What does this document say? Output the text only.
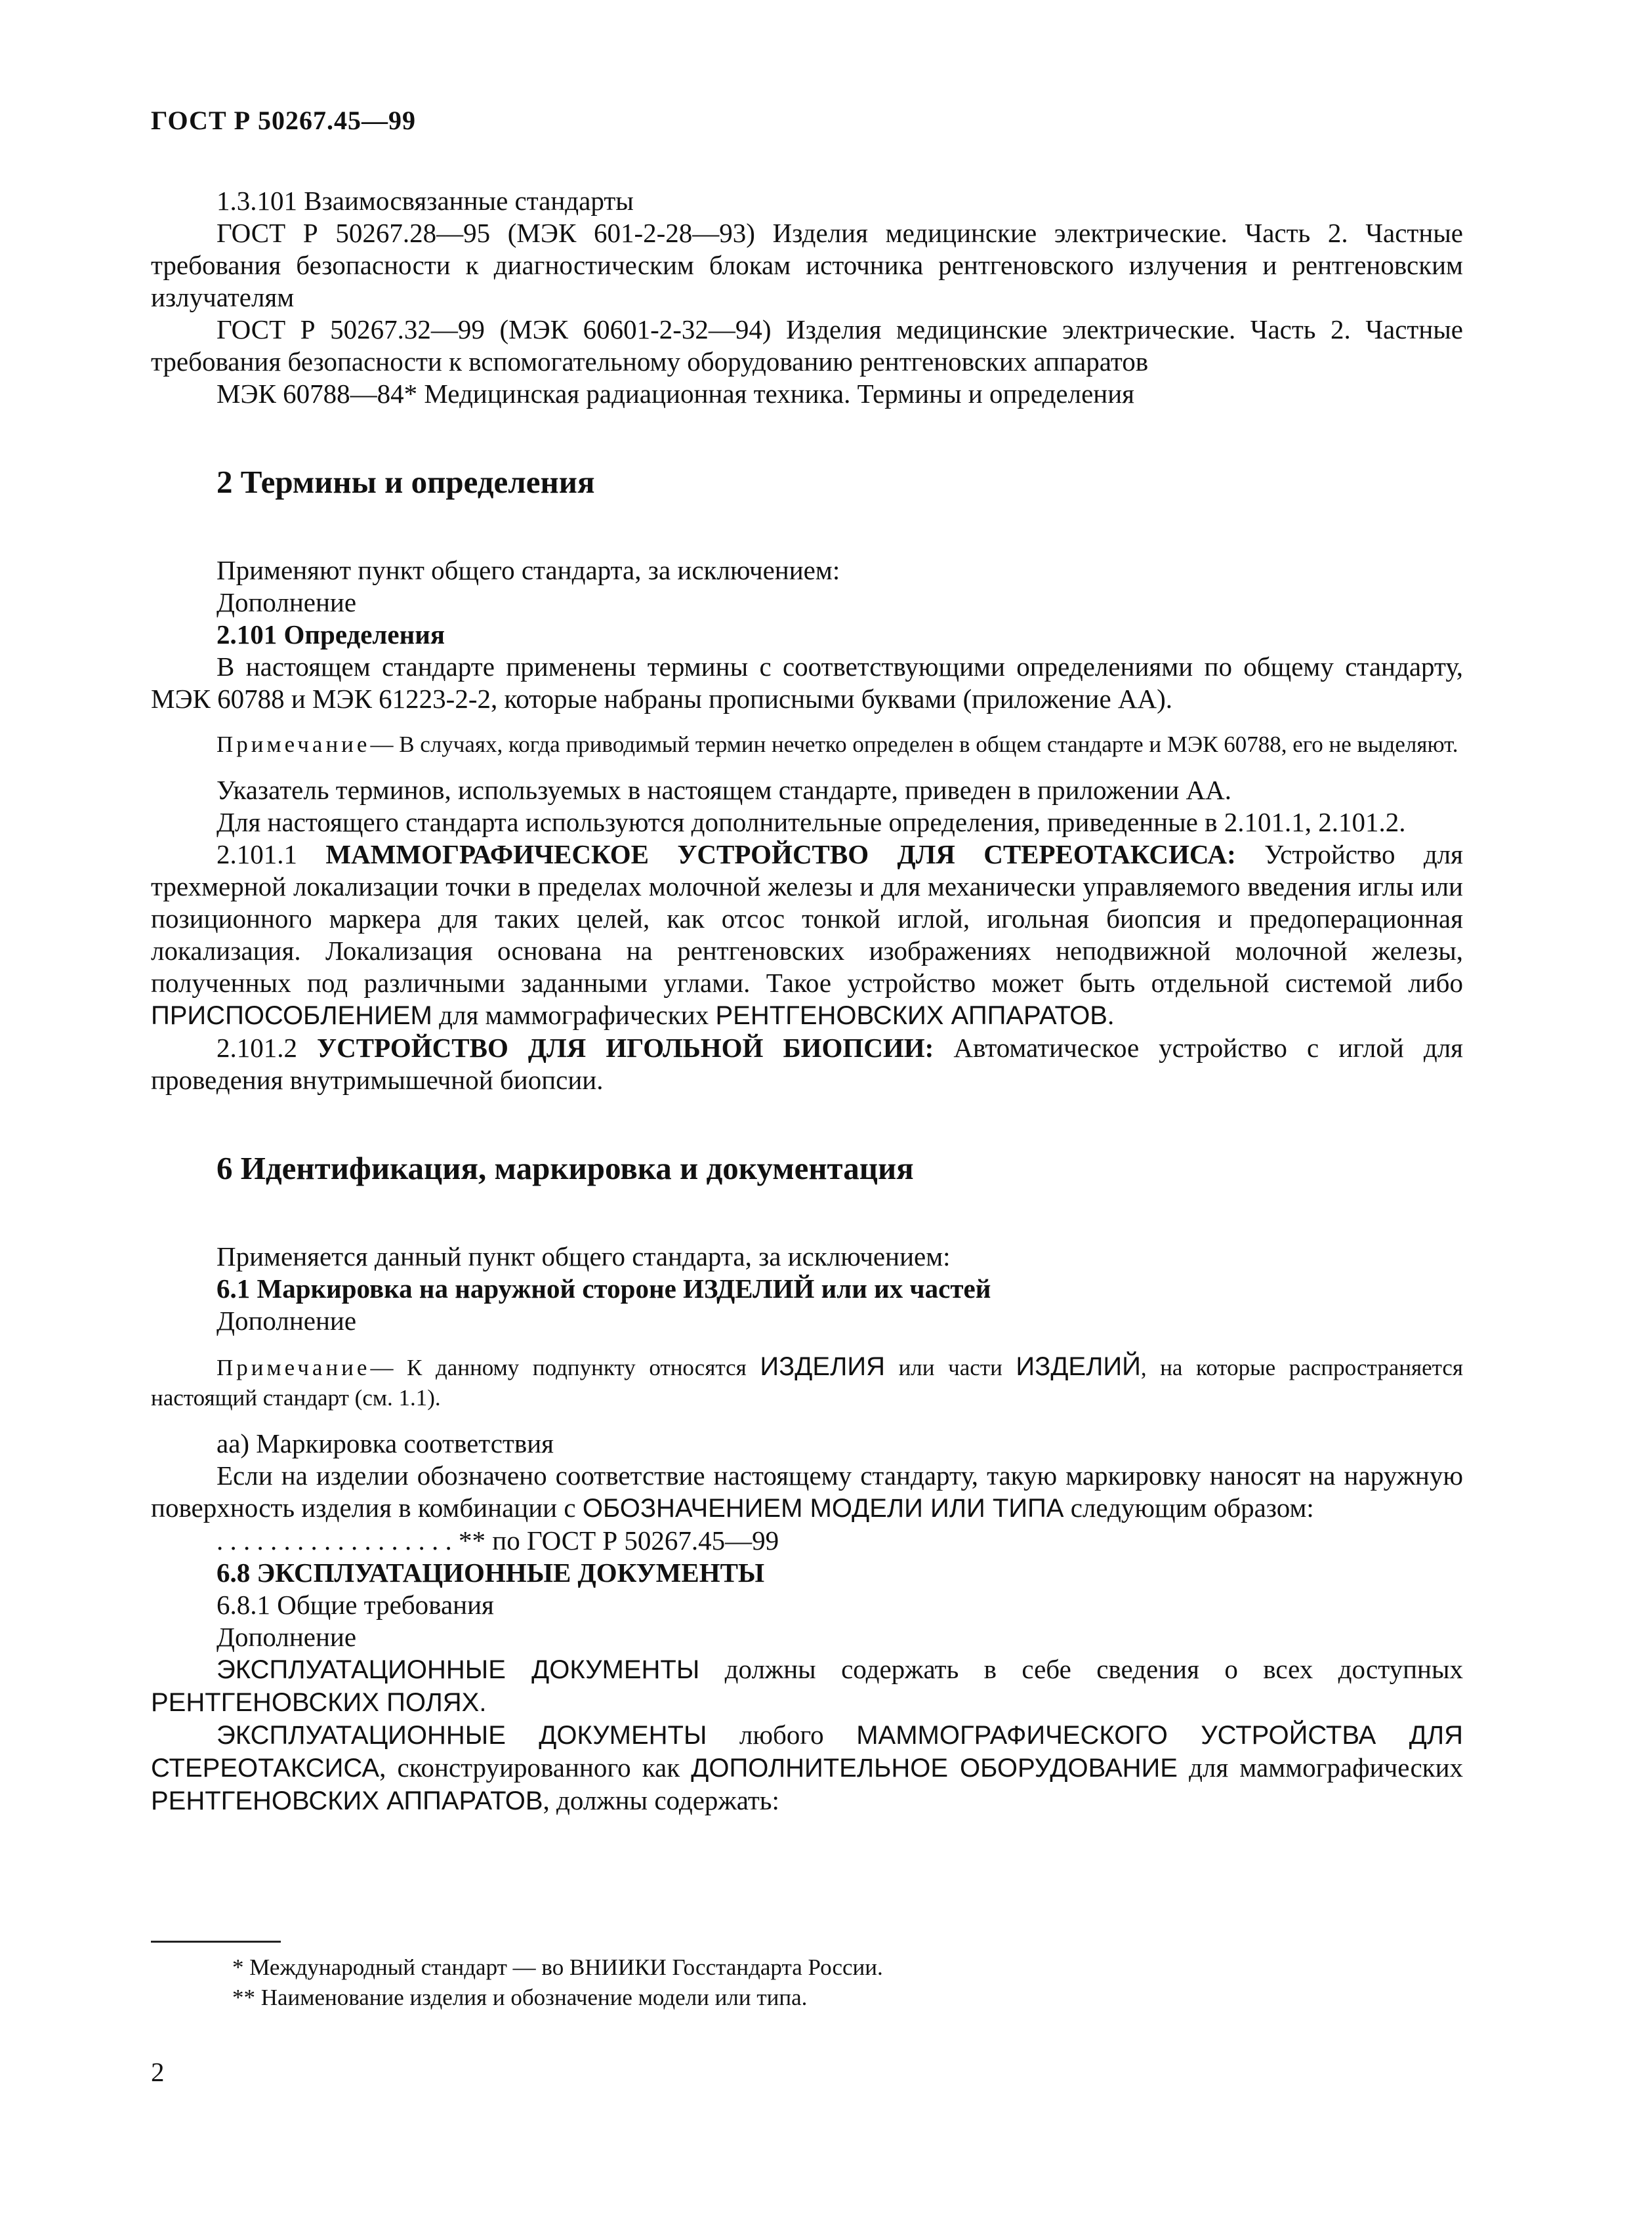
ГОСТ Р 50267.45—99

1.3.101 Взаимосвязанные стандарты

ГОСТ Р 50267.28—95 (МЭК 601-2-28—93) Изделия медицинские электрические. Часть 2. Частные требования безопасности к диагностическим блокам источника рентгеновского излучения и рентгеновским излучателям

ГОСТ Р 50267.32—99 (МЭК 60601-2-32—94) Изделия медицинские электрические. Часть 2. Частные требования безопасности к вспомогательному оборудованию рентгеновских аппаратов

МЭК 60788—84* Медицинская радиационная техника. Термины и определения

2 Термины и определения

Применяют пункт общего стандарта, за исключением:

Дополнение

2.101 Определения

В настоящем стандарте применены термины с соответствующими определениями по общему стандарту, МЭК 60788 и МЭК 61223-2-2, которые набраны прописными буквами (приложение АА).

Примечание— В случаях, когда приводимый термин нечетко определен в общем стандарте и МЭК 60788, его не выделяют.

Указатель терминов, используемых в настоящем стандарте, приведен в приложении АА.

Для настоящего стандарта используются дополнительные определения, приведенные в 2.101.1, 2.101.2.

2.101.1 МАММОГРАФИЧЕСКОЕ УСТРОЙСТВО ДЛЯ СТЕРЕОТАКСИСА: Устройство для трехмерной локализации точки в пределах молочной железы и для механически управляемого введения иглы или позиционного маркера для таких целей, как отсос тонкой иглой, игольная биопсия и предоперационная локализация. Локализация основана на рентгеновских изображениях неподвижной молочной железы, полученных под различными заданными углами. Такое устройство может быть отдельной системой либо ПРИСПОСОБЛЕНИЕМ для маммографических РЕНТГЕНОВСКИХ АППАРАТОВ.

2.101.2 УСТРОЙСТВО ДЛЯ ИГОЛЬНОЙ БИОПСИИ: Автоматическое устройство с иглой для проведения внутримышечной биопсии.

6 Идентификация, маркировка и документация

Применяется данный пункт общего стандарта, за исключением:

6.1 Маркировка на наружной стороне ИЗДЕЛИЙ или их частей

Дополнение

Примечание— К данному подпункту относятся ИЗДЕЛИЯ или части ИЗДЕЛИЙ, на которые распространяется настоящий стандарт (см. 1.1).

аа) Маркировка соответствия

Если на изделии обозначено соответствие настоящему стандарту, такую маркировку наносят на наружную поверхность изделия в комбинации с ОБОЗНАЧЕНИЕМ МОДЕЛИ ИЛИ ТИПА следующим образом:

. . . . . . . . . . . . . . . . . . ** по ГОСТ Р 50267.45—99

6.8 ЭКСПЛУАТАЦИОННЫЕ ДОКУМЕНТЫ

6.8.1 Общие требования

Дополнение

ЭКСПЛУАТАЦИОННЫЕ ДОКУМЕНТЫ должны содержать в себе сведения о всех доступных РЕНТГЕНОВСКИХ ПОЛЯХ.

ЭКСПЛУАТАЦИОННЫЕ ДОКУМЕНТЫ любого МАММОГРАФИЧЕСКОГО УСТРОЙСТВА ДЛЯ СТЕРЕОТАКСИСА, сконструированного как ДОПОЛНИТЕЛЬНОЕ ОБОРУДОВАНИЕ для маммографических РЕНТГЕНОВСКИХ АППАРАТОВ, должны содержать:

* Международный стандарт — во ВНИИКИ Госстандарта России.

** Наименование изделия и обозначение модели или типа.

2
